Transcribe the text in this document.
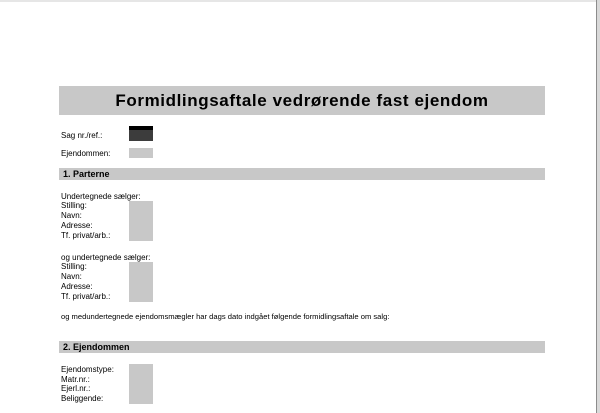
Formidlingsaftale vedrørende fast ejendom
Sag nr./ref.:
Ejendommen:
1. Parterne
Undertegnede sælger:
Stilling:
Navn:
Adresse:
Tf. privat/arb.:
og undertegnede sælger:
Stilling:
Navn:
Adresse:
Tf. privat/arb.:
og medundertegnede ejendomsmægler har dags dato indgået følgende formidlingsaftale om salg:
2. Ejendommen
Ejendomstype:
Matr.nr.:
Ejerl.nr.:
Beliggende:
